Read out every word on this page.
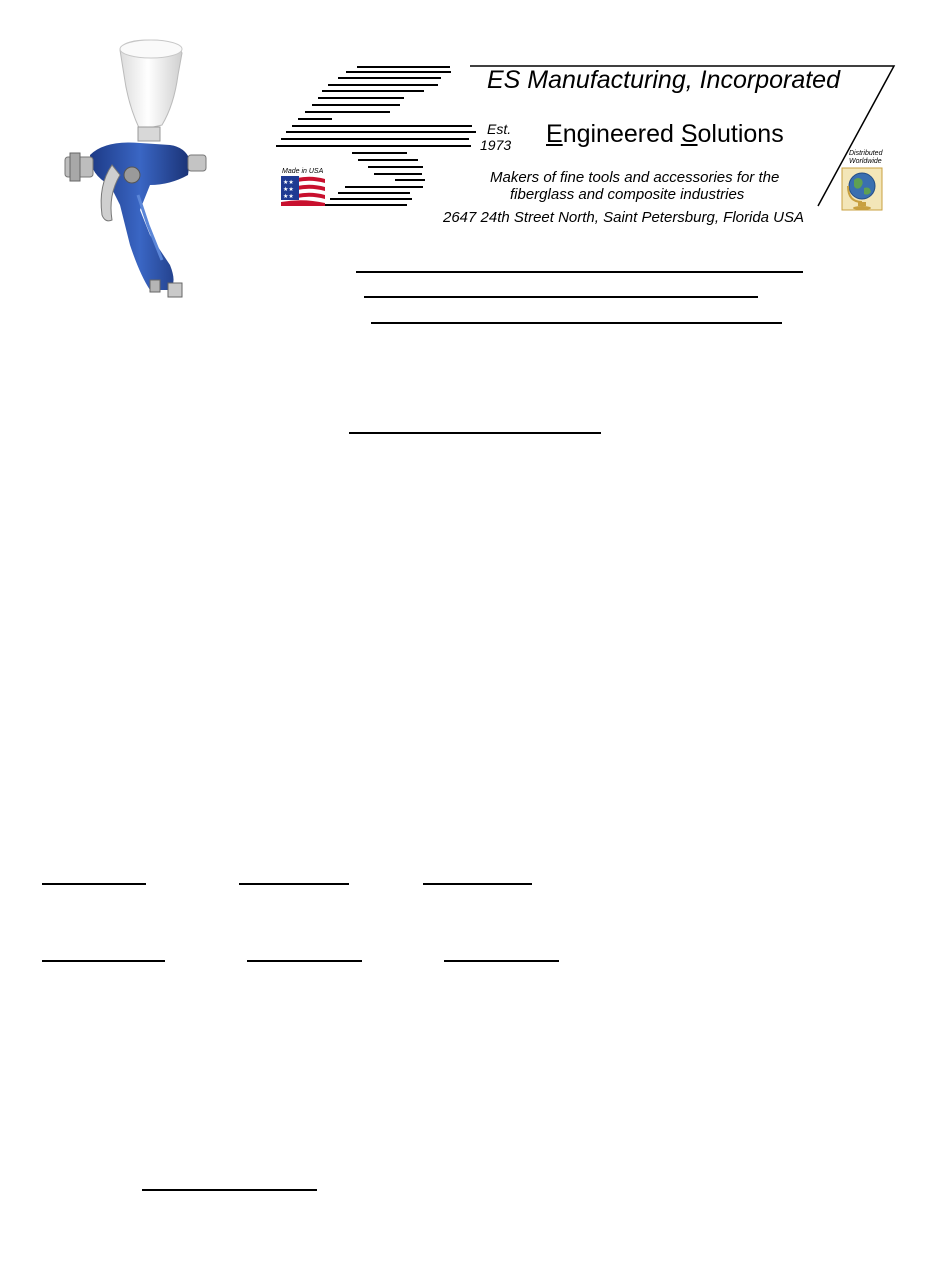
ES Manufacturing, Incorporated
Est.
1973 Engineered Solutions
Makers of fine tools and accessories for the
fiberglass and composite industries
2647 24th Street North, Saint Petersburg, Florida USA
Made in USA
★★
★★
★★
Distributed
Worldwide
